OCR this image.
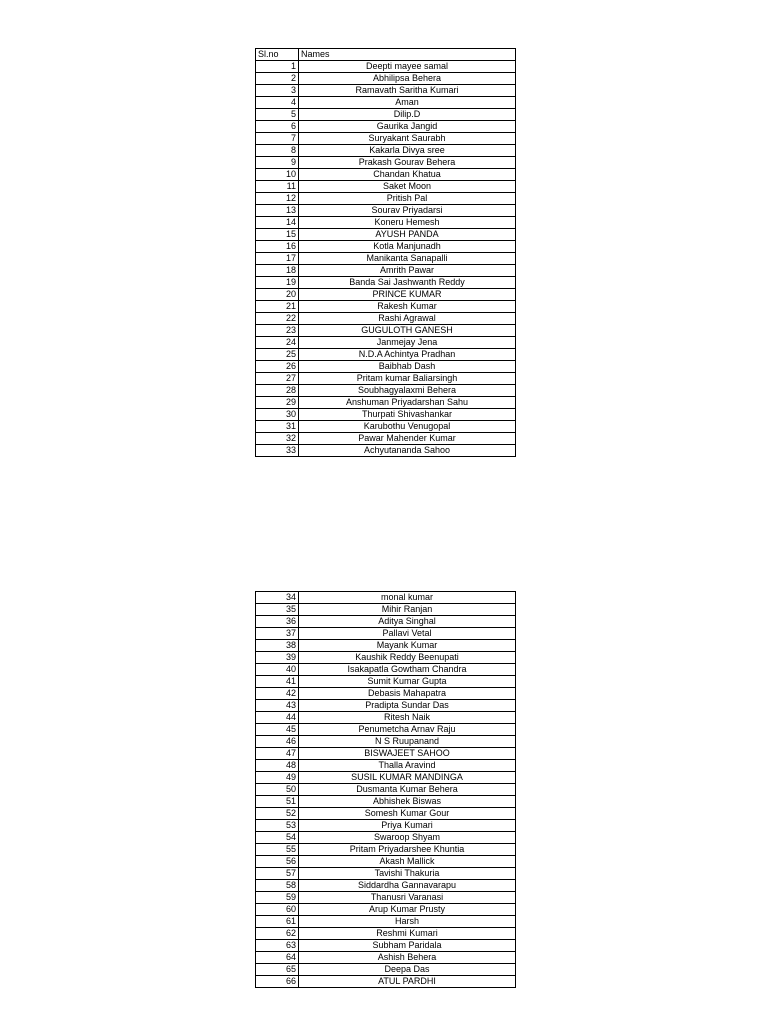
Sl.no	Names
1	Deepti mayee samal
2	Abhilipsa Behera
3	Ramavath Saritha Kumari
4	Aman
5	Dilip.D
6	Gaurika Jangid
7	Suryakant Saurabh
8	Kakarla Divya sree
9	Prakash Gourav Behera
10	Chandan Khatua
11	Saket Moon
12	Pritish Pal
13	Sourav Priyadarsi
14	Koneru Hemesh
15	AYUSH PANDA
16	Kotla Manjunadh
17	Manikanta Sanapalli
18	Amrith Pawar
19	Banda Sai Jashwanth Reddy
20	PRINCE KUMAR
21	Rakesh Kumar
22	Rashi Agrawal
23	GUGULOTH GANESH
24	Janmejay Jena
25	N.D.A Achintya Pradhan
26	Baibhab Dash
27	Pritam kumar Baliarsingh
28	Soubhagyalaxmi Behera
29	Anshuman Priyadarshan Sahu
30	Thurpati Shivashankar
31	Karubothu Venugopal
32	Pawar Mahender Kumar
33	Achyutananda Sahoo
34	monal kumar
35	Mihir Ranjan
36	Aditya Singhal
37	Pallavi Vetal
38	Mayank Kumar
39	Kaushik Reddy Beenupati
40	Isakapatla Gowtham Chandra
41	Sumit Kumar Gupta
42	Debasis Mahapatra
43	Pradipta Sundar Das
44	Ritesh Naik
45	Penumetcha Arnav Raju
46	N S Ruupanand
47	BISWAJEET SAHOO
48	Thalla Aravind
49	SUSIL KUMAR MANDINGA
50	Dusmanta Kumar Behera
51	Abhishek Biswas
52	Somesh Kumar Gour
53	Priya Kumari
54	Swaroop Shyam
55	Pritam Priyadarshee Khuntia
56	Akash Mallick
57	Tavishi Thakuria
58	Siddardha Gannavarapu
59	Thanusri Varanasi
60	Arup Kumar Prusty
61	Harsh
62	Reshmi Kumari
63	Subham Paridala
64	Ashish Behera
65	Deepa Das
66	ATUL PARDHI
